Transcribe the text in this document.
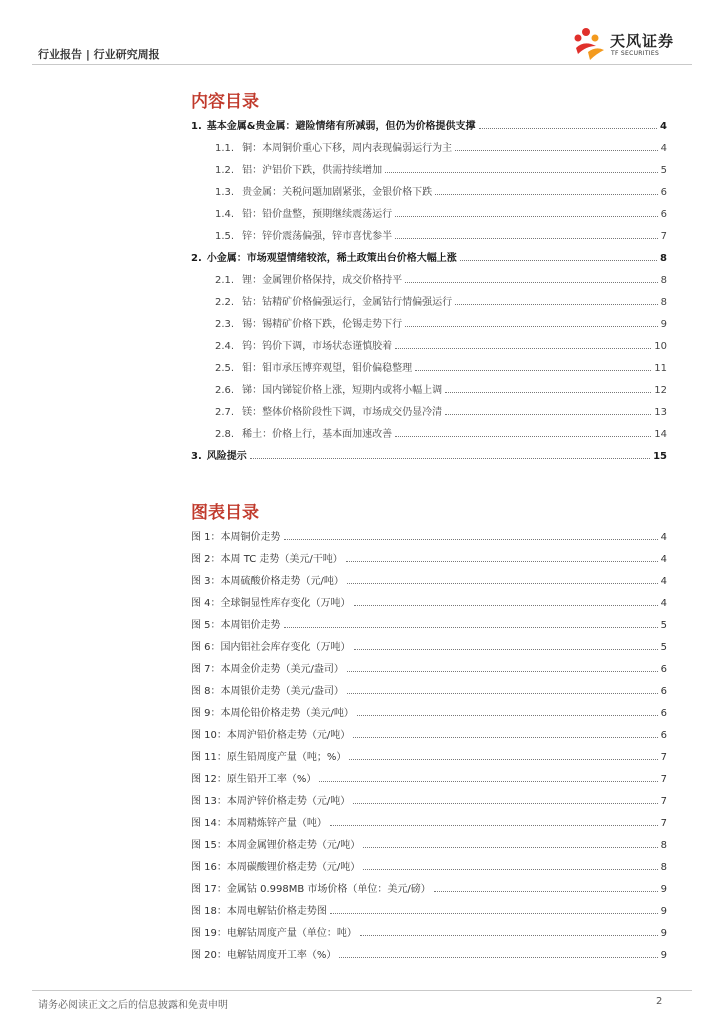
行业报告 | 行业研究周报
天风证券
TF SECURITIES
内容目录
1. 基本金属&贵金属：避险情绪有所减弱，但仍为价格提供支撑	4
1.1. 铜：本周铜价重心下移，周内表现偏弱运行为主	4
1.2. 铝：沪铝价下跌，供需持续增加	5
1.3. 贵金属：关税问题加剧紧张，金银价格下跌	6
1.4. 铅：铅价盘整，预期继续震荡运行	6
1.5. 锌：锌价震荡偏强，锌市喜忧参半	7
2. 小金属：市场观望情绪较浓，稀土政策出台价格大幅上涨	8
2.1. 锂：金属锂价格保持，成交价格持平	8
2.2. 钴：钴精矿价格偏强运行，金属钴行情偏强运行	8
2.3. 锡：锡精矿价格下跌，伦锡走势下行	9
2.4. 钨：钨价下调，市场状态谨慎胶着	10
2.5. 钼：钼市承压博弈观望，钼价偏稳整理	11
2.6. 锑：国内锑锭价格上涨，短期内或将小幅上调	12
2.7. 镁：整体价格阶段性下调，市场成交仍显冷清	13
2.8. 稀土：价格上行，基本面加速改善	14
3. 风险提示	15
图表目录
图 1：本周铜价走势	4
图 2：本周 TC 走势（美元/干吨）	4
图 3：本周硫酸价格走势（元/吨）	4
图 4：全球铜显性库存变化（万吨）	4
图 5：本周铝价走势	5
图 6：国内铝社会库存变化（万吨）	5
图 7：本周金价走势（美元/盎司）	6
图 8：本周银价走势（美元/盎司）	6
图 9：本周伦铅价格走势（美元/吨）	6
图 10：本周沪铅价格走势（元/吨）	6
图 11：原生铅周度产量（吨；%）	7
图 12：原生铅开工率（%）	7
图 13：本周沪锌价格走势（元/吨）	7
图 14：本周精炼锌产量（吨）	7
图 15：本周金属锂价格走势（元/吨）	8
图 16：本周碳酸锂价格走势（元/吨）	8
图 17：金属钴 0.998MB 市场价格（单位：美元/磅）	9
图 18：本周电解钴价格走势图	9
图 19：电解钴周度产量（单位：吨）	9
图 20：电解钴周度开工率（%）	9
请务必阅读正文之后的信息披露和免责申明	2
